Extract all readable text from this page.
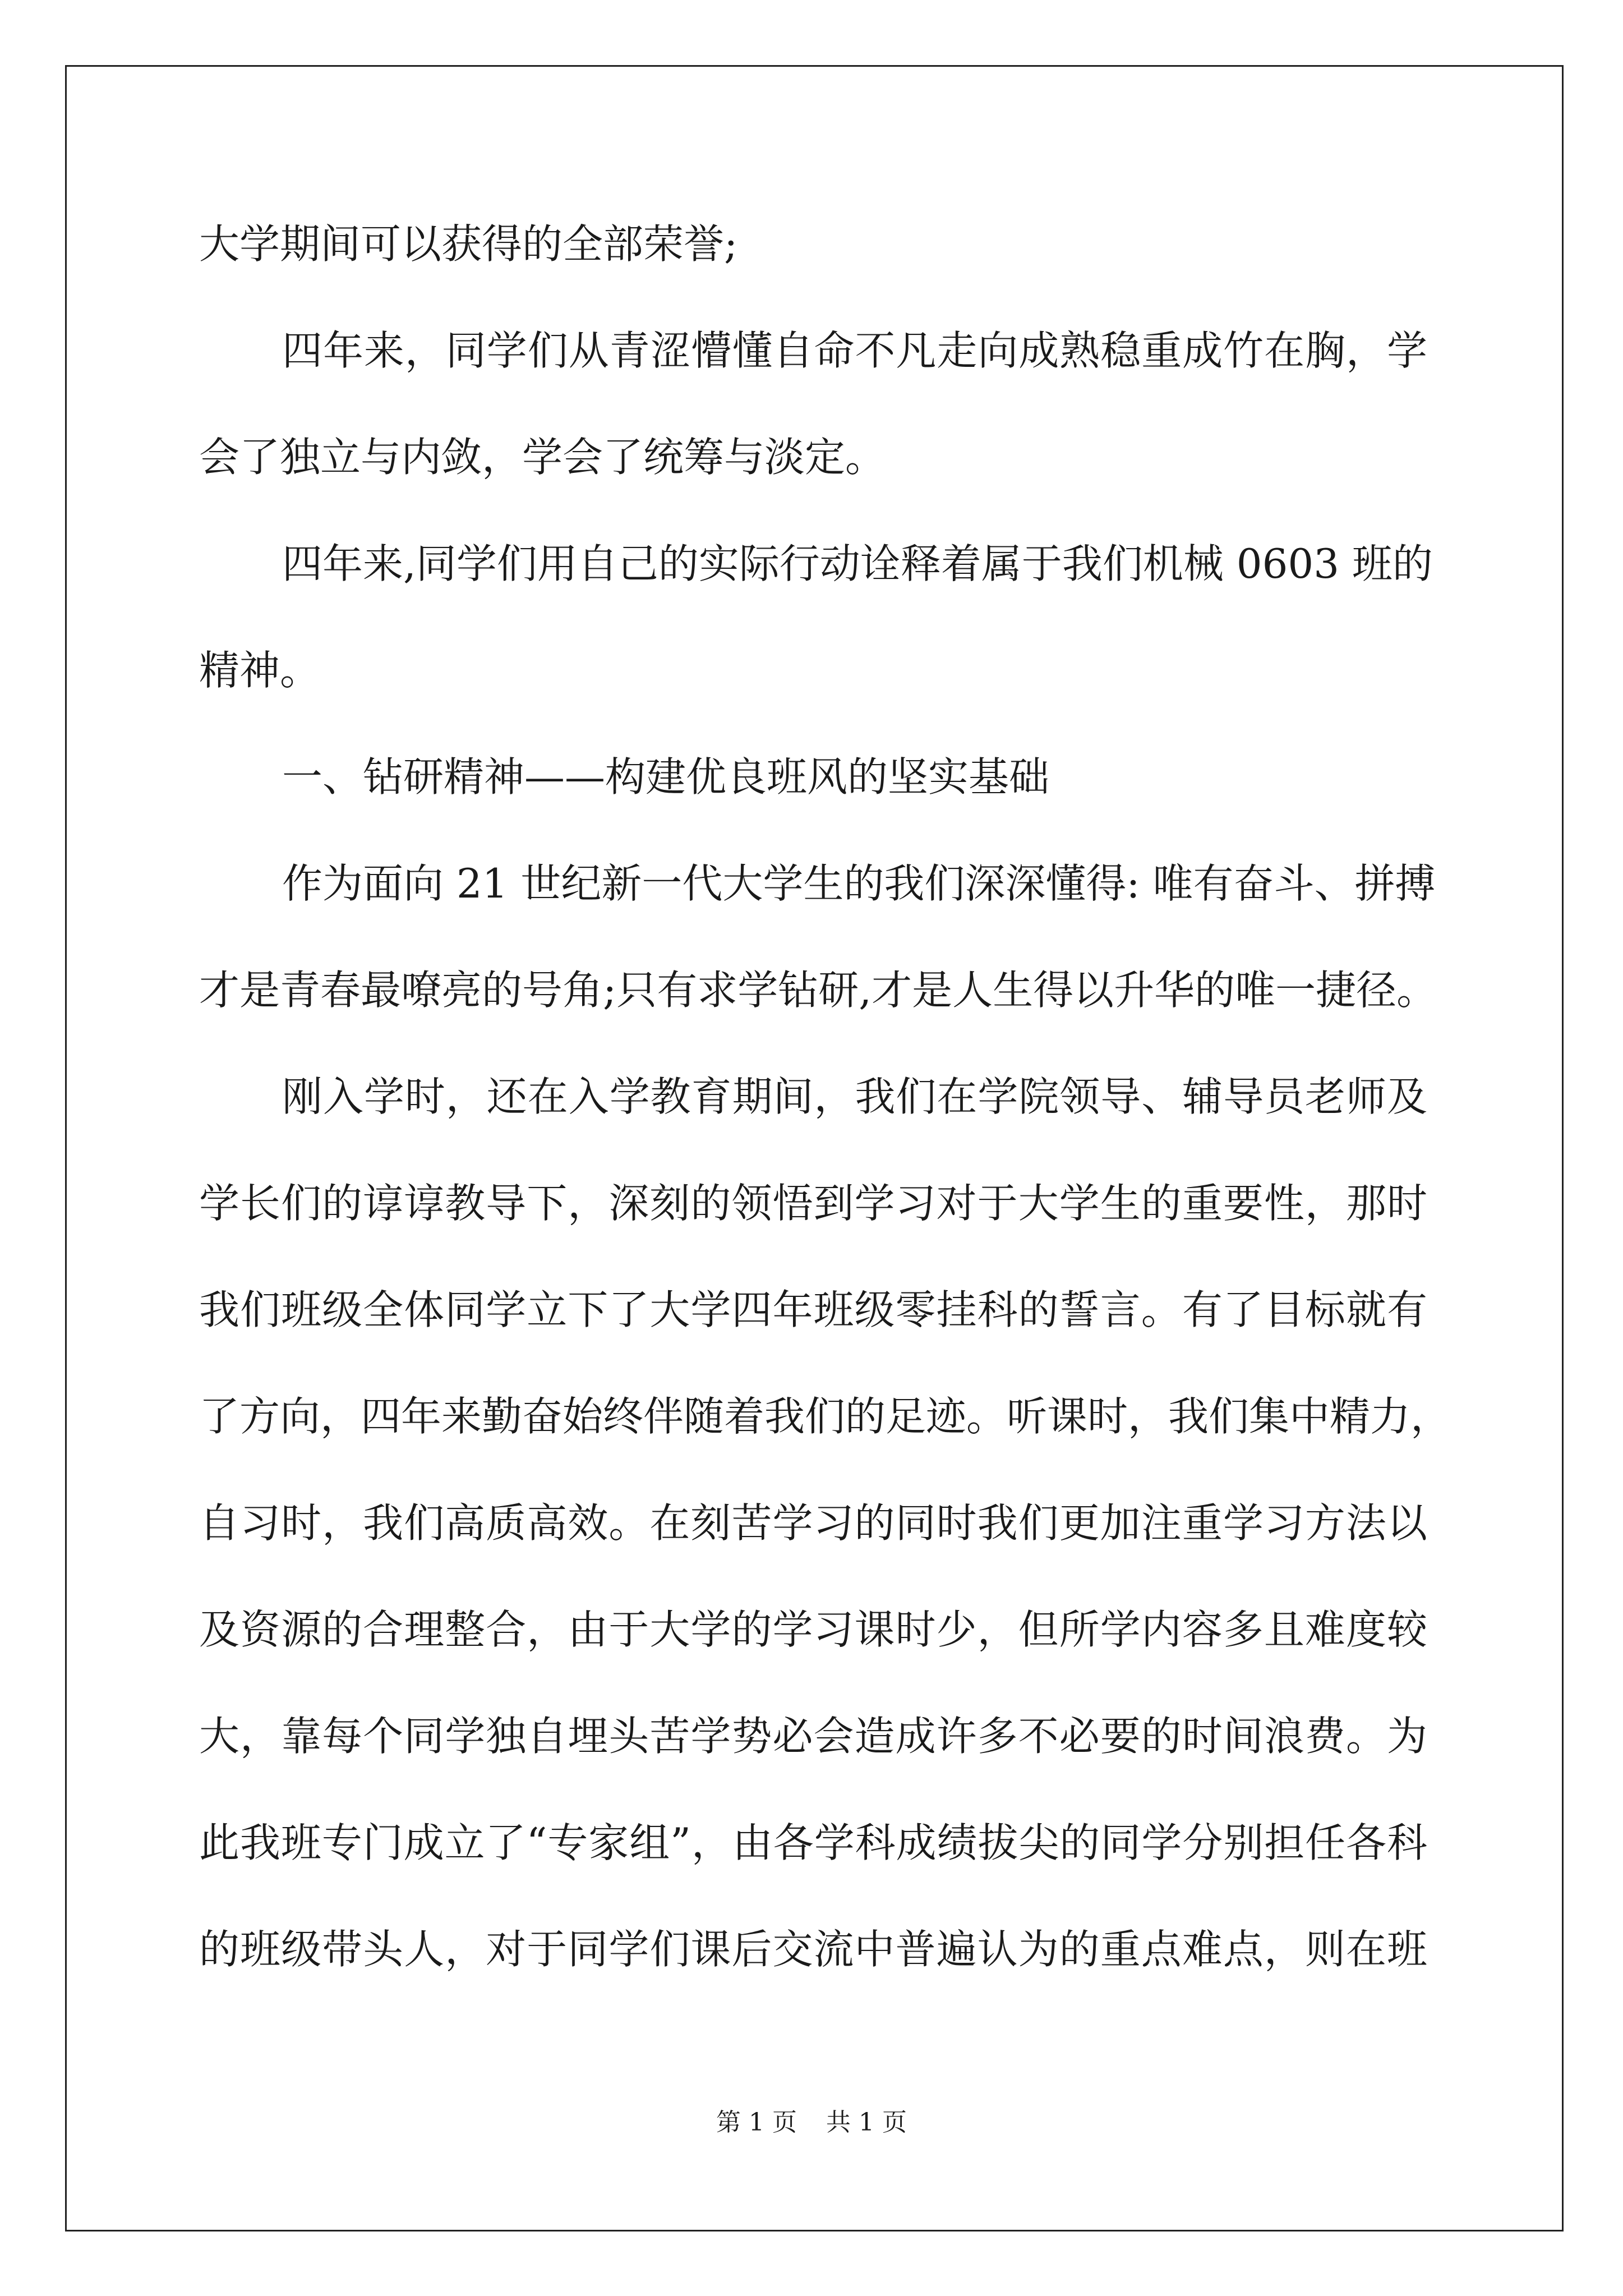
大学期间可以获得的全部荣誉;
四年来，同学们从青涩懵懂自命不凡走向成熟稳重成竹在胸，学
会了独立与内敛，学会了统筹与淡定。
四年来,同学们用自己的实际行动诠释着属于我们机械 0603 班的
精神。
一、钻研精神——构建优良班风的坚实基础
作为面向 21 世纪新一代大学生的我们深深懂得: 唯有奋斗、拼搏
才是青春最嘹亮的号角;只有求学钻研,才是人生得以升华的唯一捷径。
刚入学时，还在入学教育期间，我们在学院领导、辅导员老师及
学长们的谆谆教导下，深刻的领悟到学习对于大学生的重要性，那时
我们班级全体同学立下了大学四年班级零挂科的誓言。有了目标就有
了方向，四年来勤奋始终伴随着我们的足迹。听课时，我们集中精力，
自习时，我们高质高效。在刻苦学习的同时我们更加注重学习方法以
及资源的合理整合，由于大学的学习课时少，但所学内容多且难度较
大，靠每个同学独自埋头苦学势必会造成许多不必要的时间浪费。为
此我班专门成立了“专家组”，由各学科成绩拔尖的同学分别担任各科
的班级带头人，对于同学们课后交流中普遍认为的重点难点，则在班
第 1 页 共 1 页
